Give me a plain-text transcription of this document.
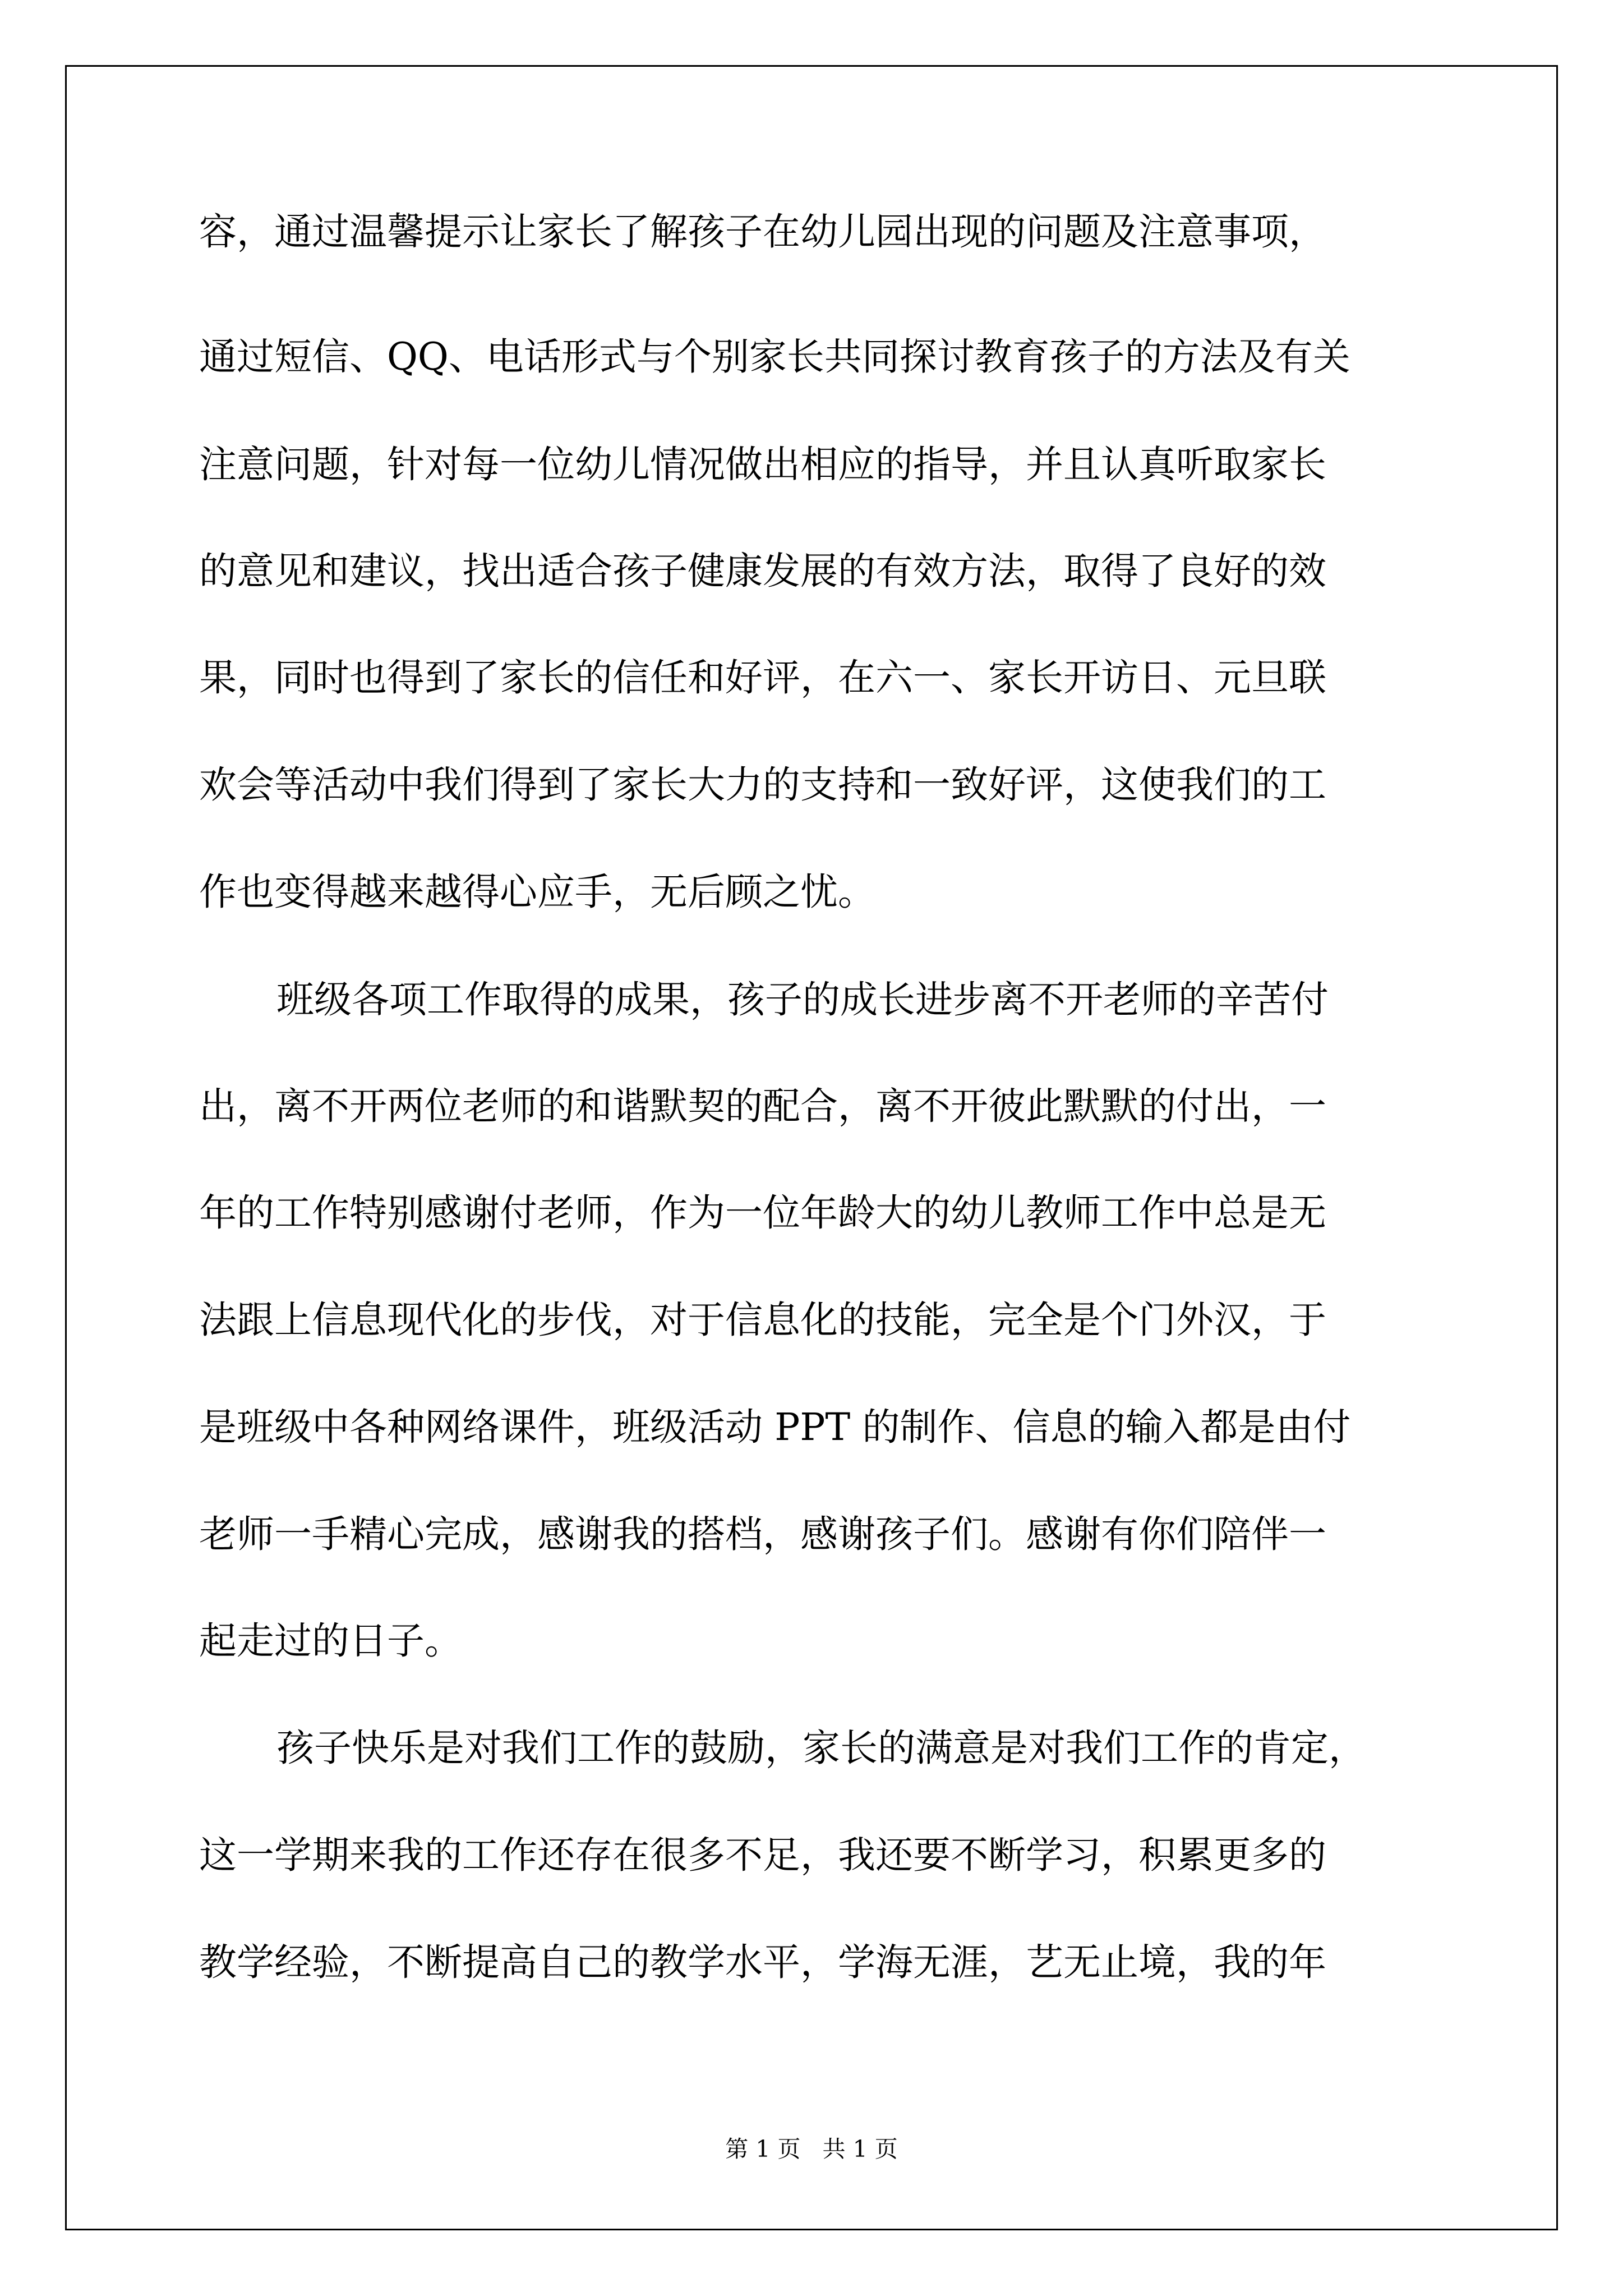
容，通过温馨提示让家长了解孩子在幼儿园出现的问题及注意事项，
通过短信、QQ、电话形式与个别家长共同探讨教育孩子的方法及有关
注意问题，针对每一位幼儿情况做出相应的指导，并且认真听取家长
的意见和建议，找出适合孩子健康发展的有效方法，取得了良好的效
果，同时也得到了家长的信任和好评，在六一、家长开访日、元旦联
欢会等活动中我们得到了家长大力的支持和一致好评，这使我们的工
作也变得越来越得心应手，无后顾之忧。
班级各项工作取得的成果，孩子的成长进步离不开老师的辛苦付
出，离不开两位老师的和谐默契的配合，离不开彼此默默的付出，一
年的工作特别感谢付老师，作为一位年龄大的幼儿教师工作中总是无
法跟上信息现代化的步伐，对于信息化的技能，完全是个门外汉，于
是班级中各种网络课件，班级活动 PPT 的制作、信息的输入都是由付
老师一手精心完成，感谢我的搭档，感谢孩子们。感谢有你们陪伴一
起走过的日子。
孩子快乐是对我们工作的鼓励，家长的满意是对我们工作的肯定，
这一学期来我的工作还存在很多不足，我还要不断学习，积累更多的
教学经验，不断提高自己的教学水平，学海无涯，艺无止境，我的年
第 1 页   共 1 页
